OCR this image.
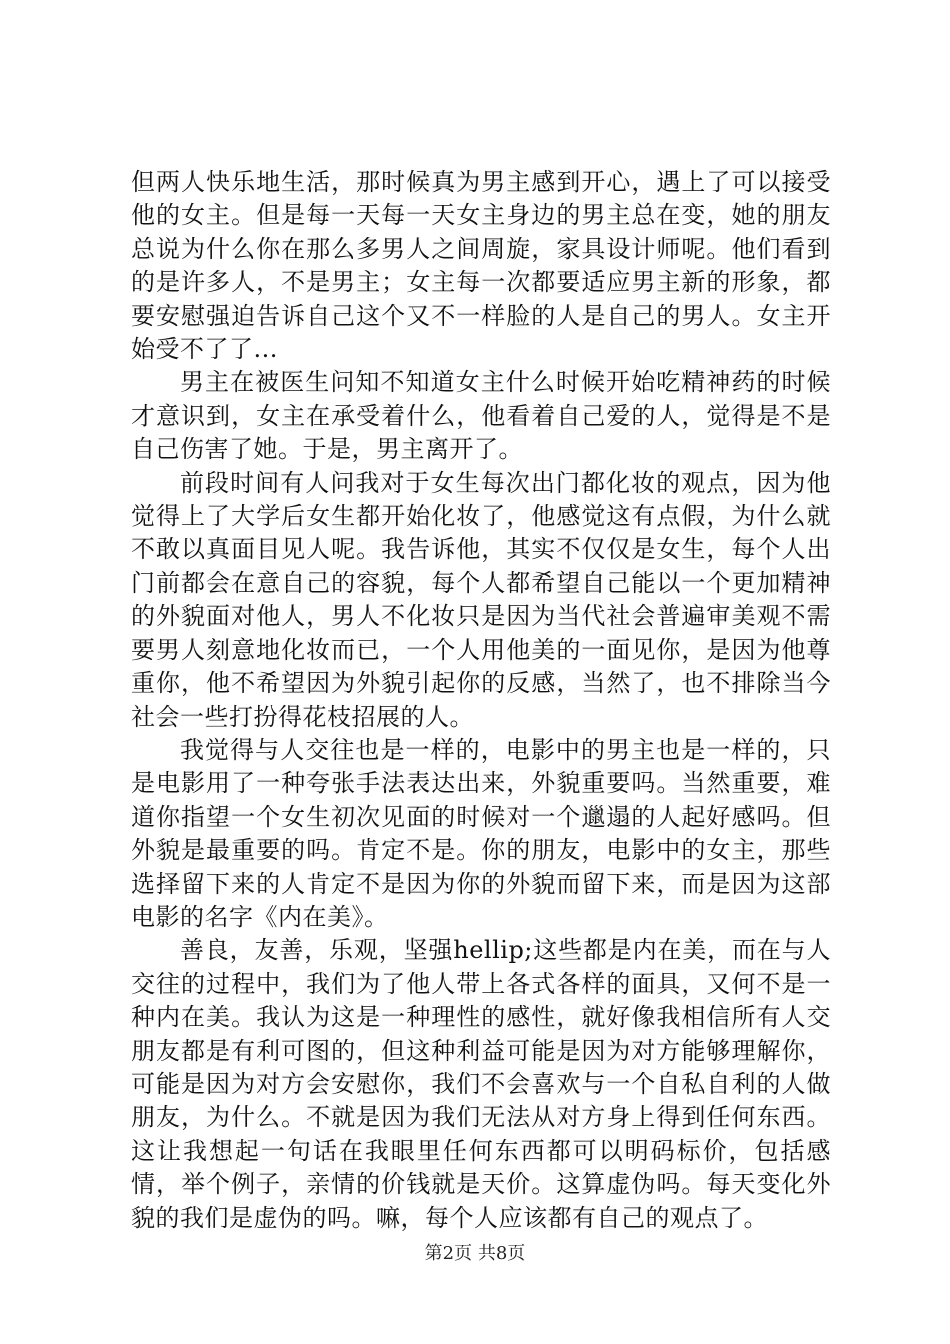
但两人快乐地生活，那时候真为男主感到开心，遇上了可以接受他的女主。但是每一天每一天女主身边的男主总在变，她的朋友总说为什么你在那么多男人之间周旋，家具设计师呢。他们看到的是许多人，不是男主；女主每一次都要适应男主新的形象，都要安慰强迫告诉自己这个又不一样脸的人是自己的男人。女主开始受不了了...

男主在被医生问知不知道女主什么时候开始吃精神药的时候才意识到，女主在承受着什么，他看着自己爱的人，觉得是不是自己伤害了她。于是，男主离开了。

前段时间有人问我对于女生每次出门都化妆的观点，因为他觉得上了大学后女生都开始化妆了，他感觉这有点假，为什么就不敢以真面目见人呢。我告诉他，其实不仅仅是女生，每个人出门前都会在意自己的容貌，每个人都希望自己能以一个更加精神的外貌面对他人，男人不化妆只是因为当代社会普遍审美观不需要男人刻意地化妆而已，一个人用他美的一面见你，是因为他尊重你，他不希望因为外貌引起你的反感，当然了，也不排除当今社会一些打扮得花枝招展的人。

我觉得与人交往也是一样的，电影中的男主也是一样的，只是电影用了一种夸张手法表达出来，外貌重要吗。当然重要，难道你指望一个女生初次见面的时候对一个邋遢的人起好感吗。但外貌是最重要的吗。肯定不是。你的朋友，电影中的女主，那些选择留下来的人肯定不是因为你的外貌而留下来，而是因为这部电影的名字《内在美》。

善良，友善，乐观，坚强hellip;这些都是内在美，而在与人交往的过程中，我们为了他人带上各式各样的面具，又何不是一种内在美。我认为这是一种理性的感性，就好像我相信所有人交朋友都是有利可图的，但这种利益可能是因为对方能够理解你，可能是因为对方会安慰你，我们不会喜欢与一个自私自利的人做朋友，为什么。不就是因为我们无法从对方身上得到任何东西。这让我想起一句话在我眼里任何东西都可以明码标价，包括感情，举个例子，亲情的价钱就是天价。这算虚伪吗。每天变化外貌的我们是虚伪的吗。嘛，每个人应该都有自己的观点了。

第2页 共8页
